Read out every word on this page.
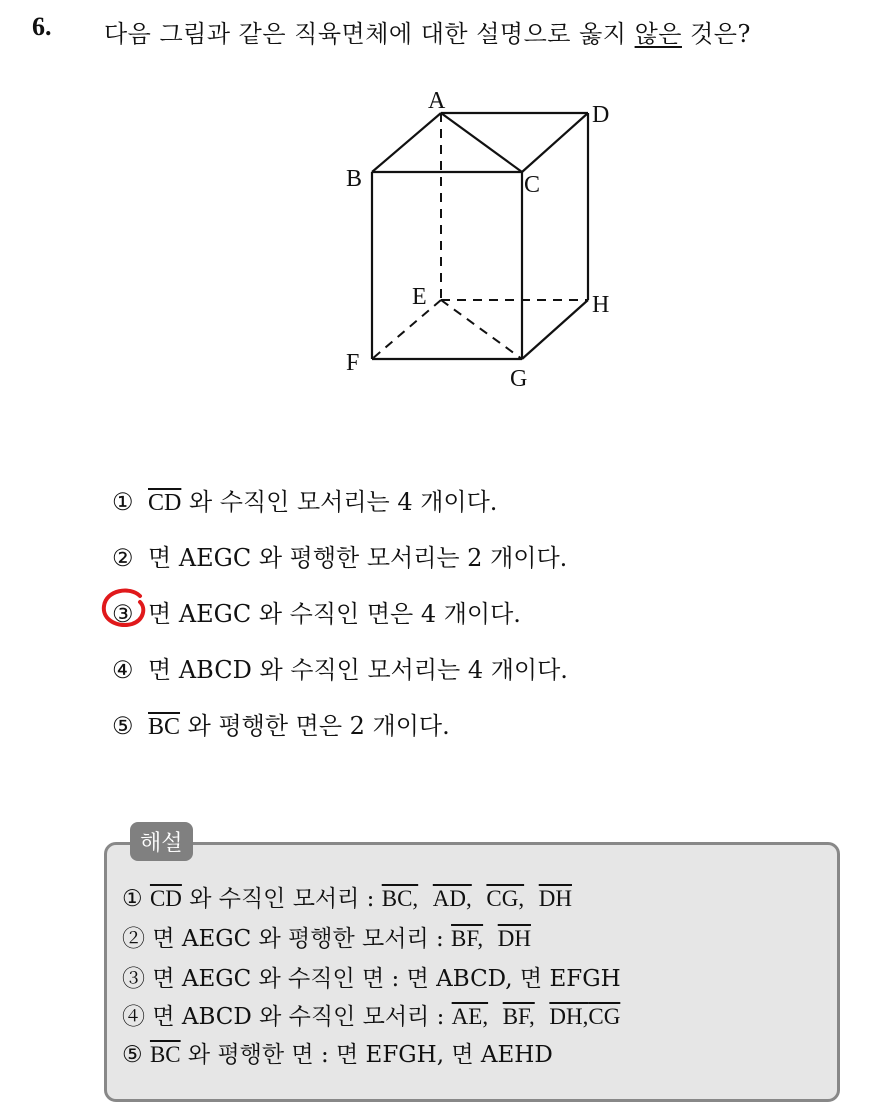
6. 다음 그림과 같은 직육면체에 대한 설명으로 옳지 않은 것은?
A
D
B	C
E	H
F
G
① $\overline{CD}$ 와 수직인 모서리는 4 개이다.
② 면 AEGC 와 평행한 모서리는 2 개이다.
③ 면 AEGC 와 수직인 면은 4 개이다.
④ 면 ABCD 와 수직인 모서리는 4 개이다.
⑤ $\overline{BC}$ 와 평행한 면은 2 개이다.
해설
① $\overline{CD}$ 와 수직인 모서리 : BC, AD, CG, $\overline{DH}$
② 면 AEGC 와 평행한 모서리 : BF, $\overline{DH}$
③ 면 AEGC 와 수직인 면 : 면 ABCD, 면 EFGH
④ 면 ABCD 와 수직인 모서리 : AE, BF, $DH,\overline{CG}$
⑤ $\overline{BC}$ 와 평행한 면 : 면 EFGH, 면 AEHD
